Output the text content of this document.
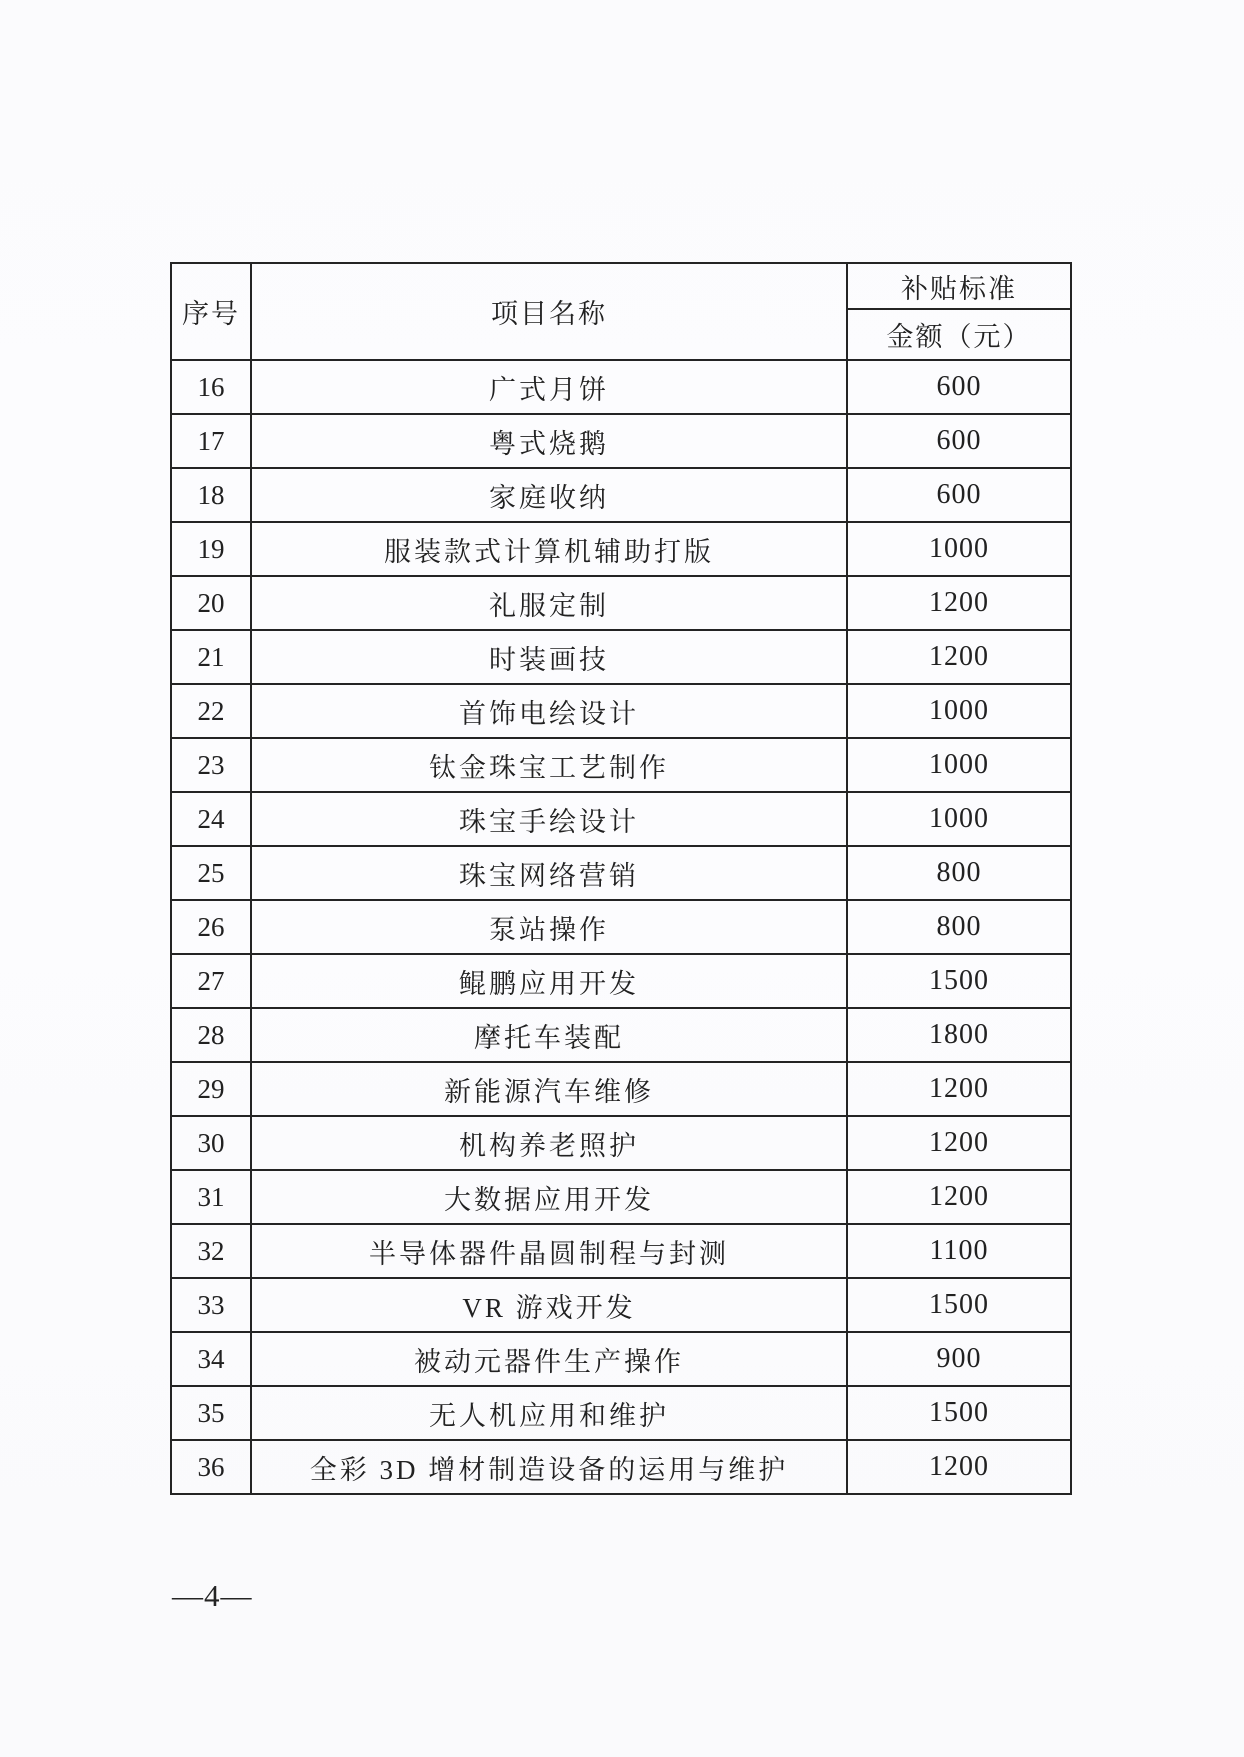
序号	项目名称	补贴标准
		金额（元）
16	广式月饼	600
17	粤式烧鹅	600
18	家庭收纳	600
19	服装款式计算机辅助打版	1000
20	礼服定制	1200
21	时装画技	1200
22	首饰电绘设计	1000
23	钛金珠宝工艺制作	1000
24	珠宝手绘设计	1000
25	珠宝网络营销	800
26	泵站操作	800
27	鲲鹏应用开发	1500
28	摩托车装配	1800
29	新能源汽车维修	1200
30	机构养老照护	1200
31	大数据应用开发	1200
32	半导体器件晶圆制程与封测	1100
33	VR 游戏开发	1500
34	被动元器件生产操作	900
35	无人机应用和维护	1500
36	全彩 3D 增材制造设备的运用与维护	1200
—4—
